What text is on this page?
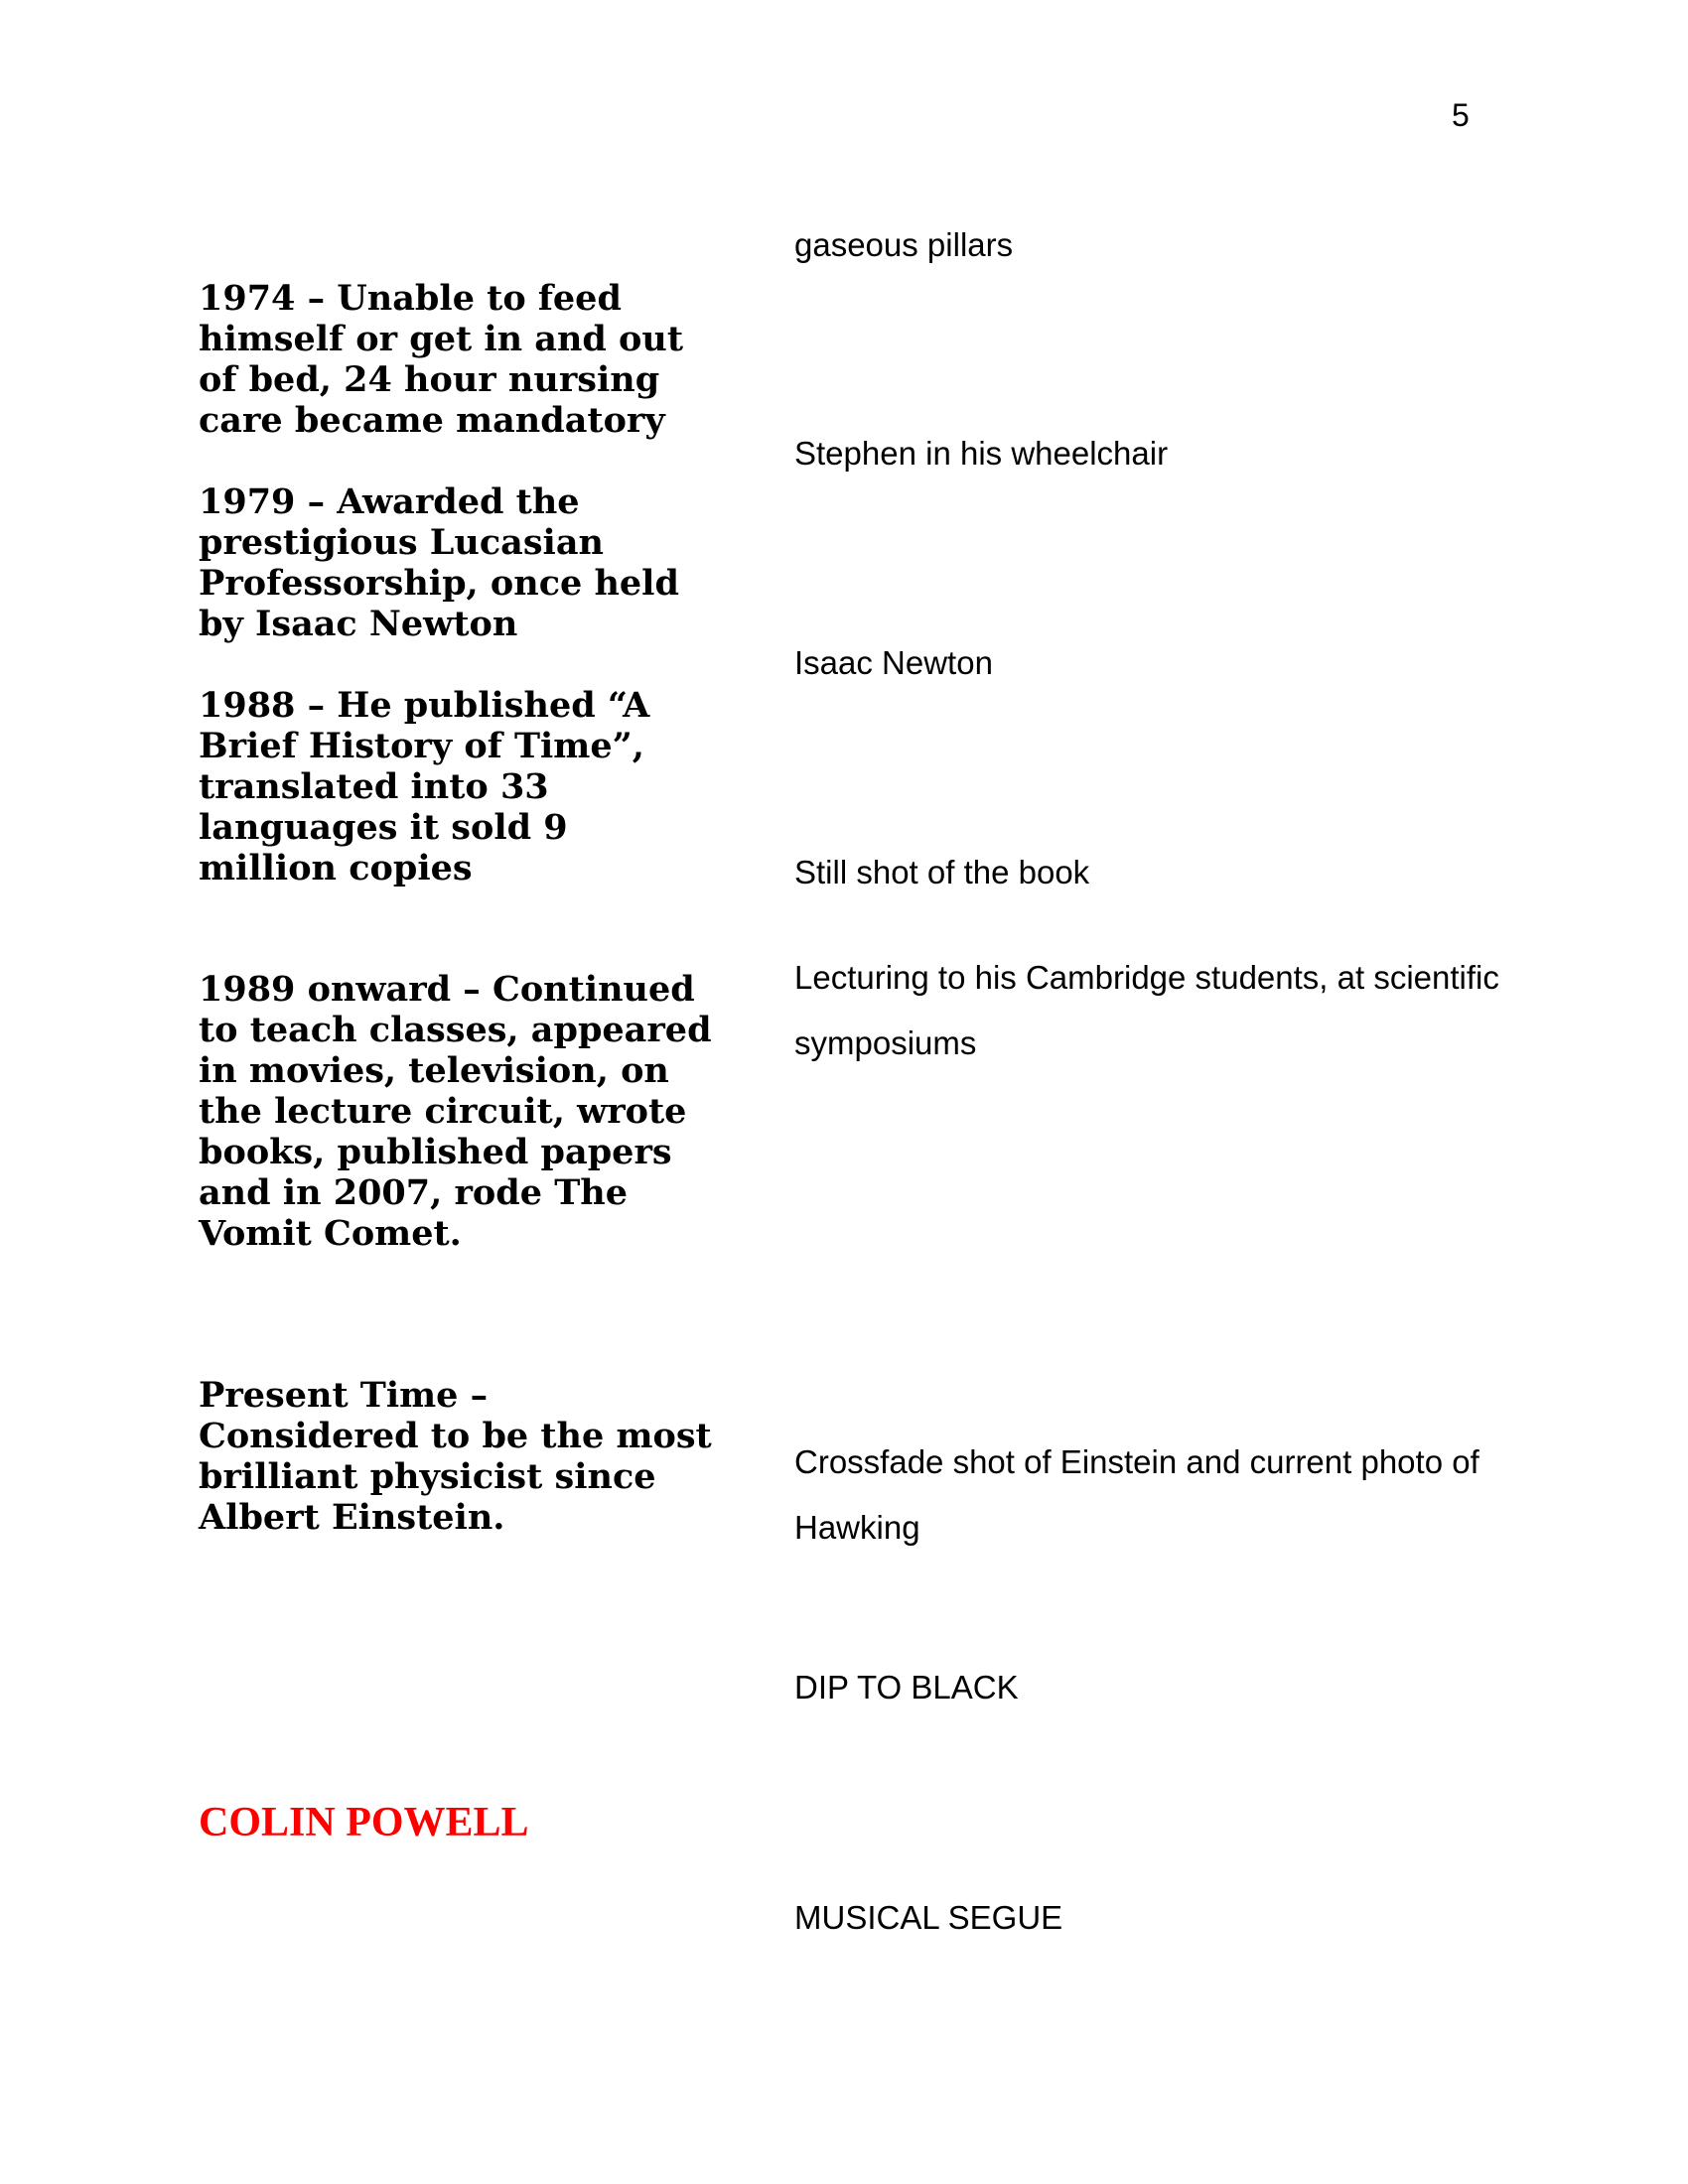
5

1974 – Unable to feed himself or get in and out of bed, 24 hour nursing care became mandatory

1979 – Awarded the prestigious Lucasian Professorship, once held by Isaac Newton

1988 – He published “A Brief History of Time”, translated into 33 languages it sold 9 million copies

1989 onward – Continued to teach classes, appeared in movies, television, on the lecture circuit, wrote books, published papers and in 2007, rode The Vomit Comet.

Present Time – Considered to be the most brilliant physicist since Albert Einstein.

COLIN POWELL

gaseous pillars

Stephen in his wheelchair

Isaac Newton

Still shot of the book

Lecturing to his Cambridge students, at scientific symposiums

Crossfade shot of Einstein and current photo of Hawking

DIP TO BLACK

MUSICAL SEGUE
